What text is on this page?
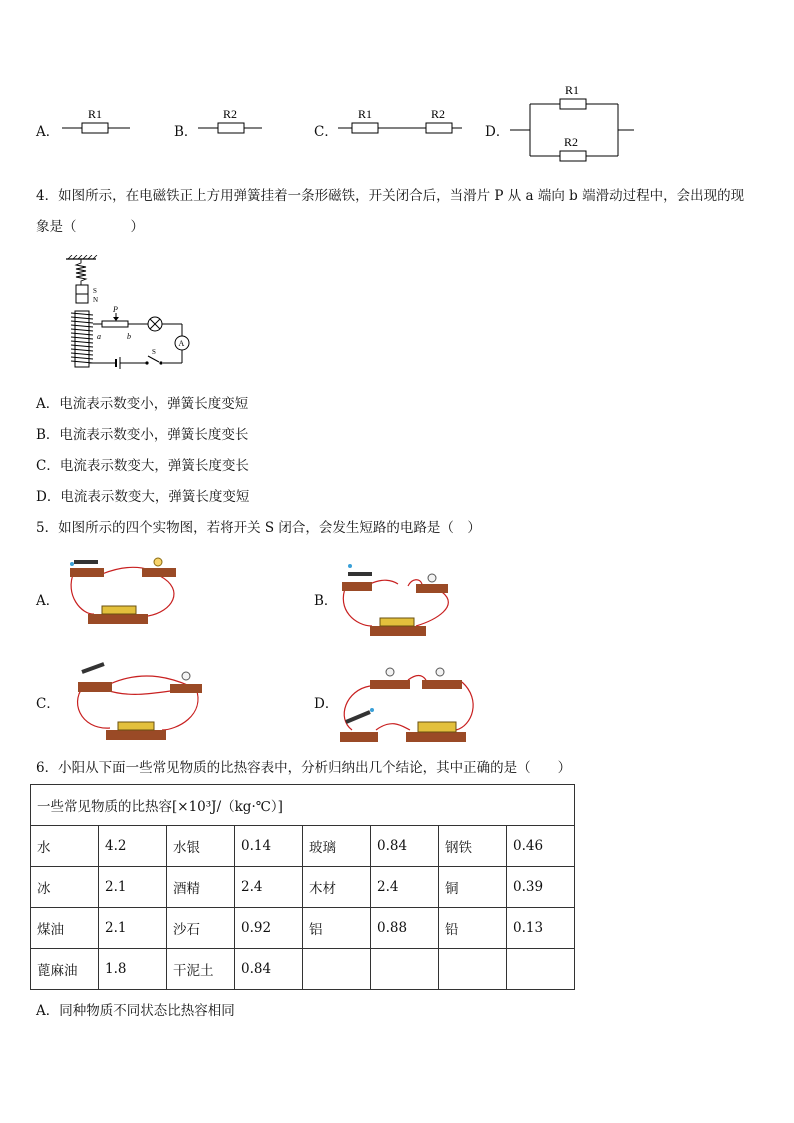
A．
R1
B．
R2
C．
R1	R2
D．
R1
R2
4．如图所示，在电磁铁正上方用弹簧挂着一条形磁铁，开关闭合后，当滑片 P 从 a 端向 b 端滑动过程中，会出现的现
象是（　　　　）
S
N
P
a	b
A
S
A．电流表示数变小，弹簧长度变短
B．电流表示数变小，弹簧长度变长
C．电流表示数变大，弹簧长度变长
D．电流表示数变大，弹簧长度变短
5．如图所示的四个实物图，若将开关 S 闭合，会发生短路的电路是（　）
A．	B．
C．	D．
6．小阳从下面一些常见物质的比热容表中，分析归纳出几个结论，其中正确的是（　　）
一些常见物质的比热容[×10³J/（kg·℃）]							
水	4.2	水银	0.14	玻璃	0.84	钢铁	0.46
冰	2.1	酒精	2.4	木材	2.4	铜	0.39
煤油	2.1	沙石	0.92	铝	0.88	铅	0.13
蓖麻油	1.8	干泥土	0.84				
A．同种物质不同状态比热容相同
